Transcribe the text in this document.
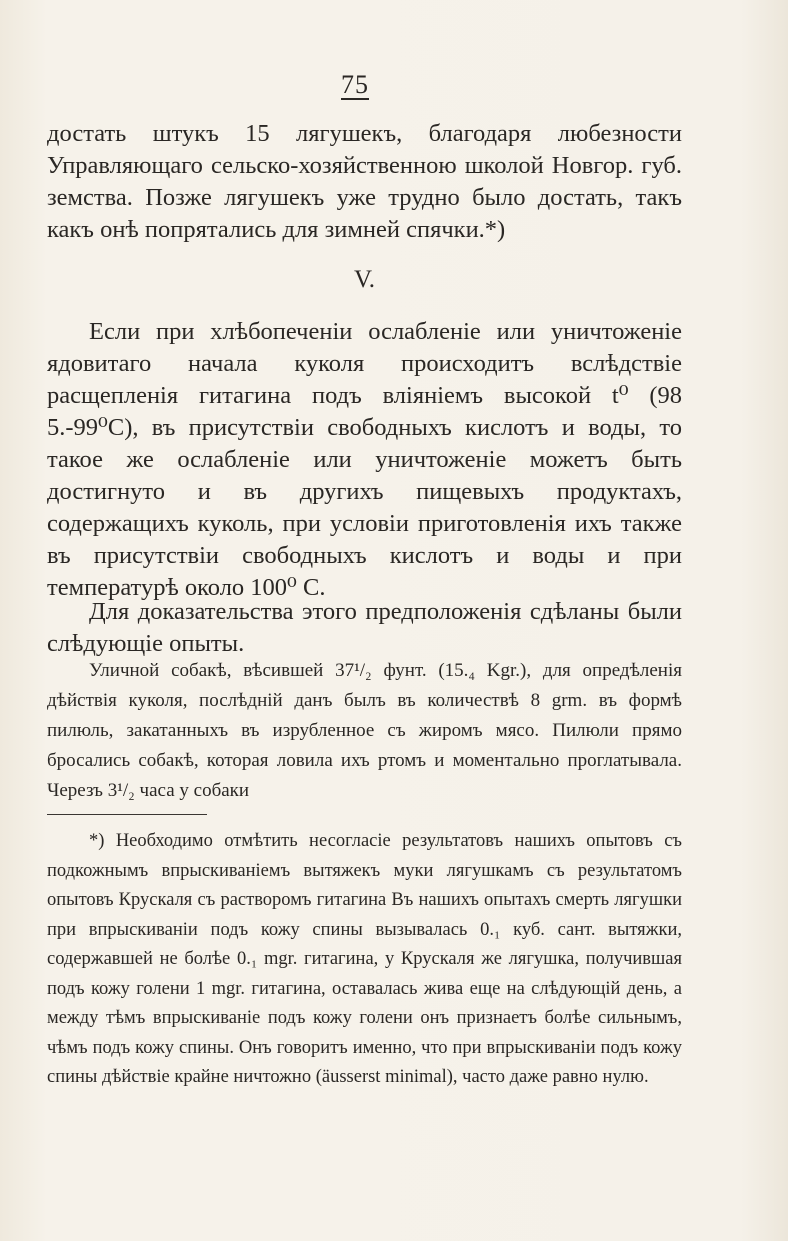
75

достать штукъ 15 лягушекъ, благодаря любезности Управляющаго сельско-хозяйственною школой Новгор. губ. земства. Позже лягушекъ уже трудно было достать, такъ какъ онѣ попрятались для зимней спячки.*)

V.

Если при хлѣбопеченіи ослабленіе или уничтоженіе ядовитаго начала куколя происходитъ вслѣдствіе расщепленія гитагина подъ вліяніемъ высокой t⁰ (98 5.-99⁰С), въ присутствіи свободныхъ кислотъ и воды, то такое же ослабленіе или уничтоженіе можетъ быть достигнуто и въ другихъ пищевыхъ продуктахъ, содержащихъ куколь, при условіи приготовленія ихъ также въ присутствіи свободныхъ кислотъ и воды и при температурѣ около 100⁰ С.

Для доказательства этого предположенія сдѣланы были слѣдующіе опыты.

Уличной собакѣ, вѣсившей 37¹/₂ фунт. (15.₄ Kgr.), для опредѣленія дѣйствія куколя, послѣдній данъ былъ въ количествѣ 8 grm. въ формѣ пилюль, закатанныхъ въ изрубленное съ жиромъ мясо. Пилюли прямо бросались собакѣ, которая ловила ихъ ртомъ и моментально проглатывала. Черезъ 3¹/₂ часа у собаки
*) Необходимо отмѣтить несогласіе результатовъ нашихъ опытовъ съ подкожнымъ впрыскиваніемъ вытяжекъ муки лягушкамъ съ результатомъ опытовъ Крускаля съ растворомъ гитагина Въ нашихъ опытахъ смерть лягушки при впрыскиваніи подъ кожу спины вызывалась 0.₁ куб. сант. вытяжки, содержавшей не болѣе 0.₁ mgr. гитагина, у Крускаля же лягушка, получившая подъ кожу голени 1 mgr. гитагина, оставалась жива еще на слѣдующій день, а между тѣмъ впрыскиваніе подъ кожу голени онъ признаетъ болѣе сильнымъ, чѣмъ подъ кожу спины. Онъ говоритъ именно, что при впрыскиваніи подъ кожу спины дѣйствіе крайне ничтожно (äusserst minimal), часто даже равно нулю.
